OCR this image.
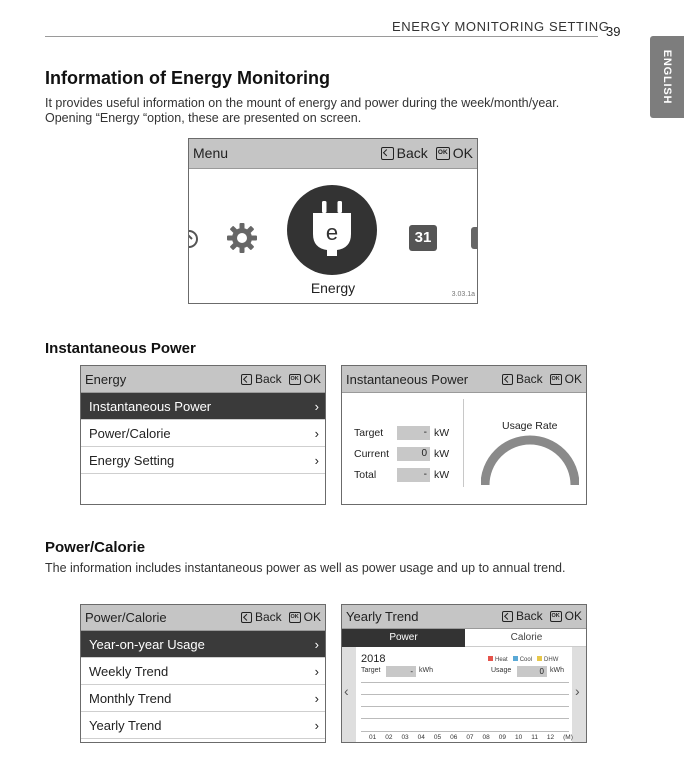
ENERGY MONITORING SETTING
39
ENGLISH
Information of Energy Monitoring
It provides useful information on the mount of energy and power during the week/month/year.
Opening “Energy “option, these are presented on screen.
Menu	Back	OK OK
e	31
Energy	3.03.1a
Instantaneous Power
Energy	Back	OK OK
Instantaneous Power	›
Power/Calorie	›
Energy Setting	›
Instantaneous Power	Back	OK OK
Target	- kW
Current	0 kW
Total	- kW
Usage Rate
Power/Calorie
The information includes instantaneous power as well as power usage and up to annual trend.
Power/Calorie	Back	OK OK
Year-on-year Usage	›
Weekly Trend	›
Monthly Trend	›
Yearly Trend	›
Yearly Trend	Back	OK OK
Power	Calorie
‹	›
2018	Heat	Cool	DHW
Target	- kWh	Usage	0 kWh
01 02 03 04 05 06 07 08 09 10 11 12 (M)
